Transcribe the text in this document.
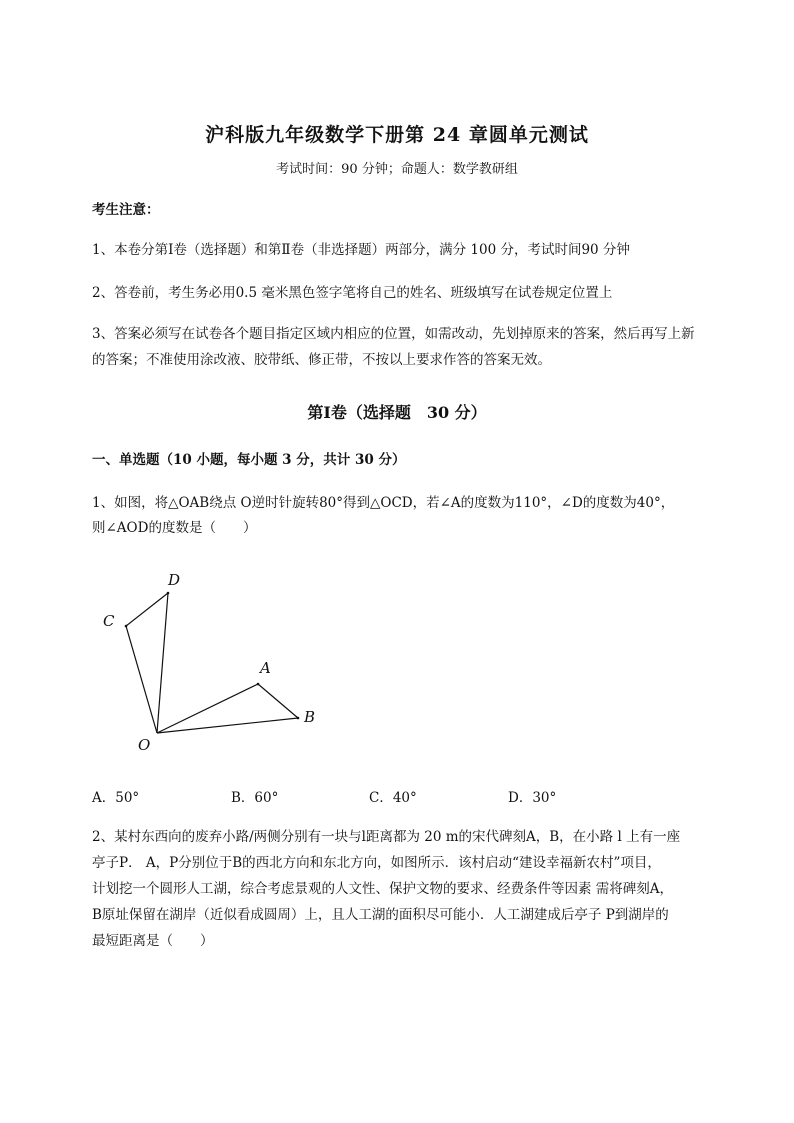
沪科版九年级数学下册第 24 章圆单元测试
考试时间：90 分钟；命题人：数学教研组
考生注意：
1、本卷分第Ⅰ卷（选择题）和第Ⅱ卷（非选择题）两部分，满分 100 分，考试时间90 分钟
2、答卷前，考生务必用0.5 毫米黑色签字笔将自己的姓名、班级填写在试卷规定位置上
3、答案必须写在试卷各个题目指定区域内相应的位置，如需改动，先划掉原来的答案，然后再写上新
的答案；不准使用涂改液、胶带纸、修正带，不按以上要求作答的答案无效。
第Ⅰ卷（选择题　30 分）
一、单选题（10 小题，每小题 3 分，共计 30 分）
1、如图，将△OAB绕点 O逆时针旋转80°得到△OCD，若∠A的度数为110°，∠D的度数为40°，
则∠AOD的度数是（　　）
D
C
A
B
O
A．50°	B．60°	C．40°	D．30°
2、某村东西向的废弃小路/两侧分别有一块与l距离都为 20 m的宋代碑刻A，B，在小路 l 上有一座
亭子P． A，P分别位于B的西北方向和东北方向，如图所示．该村启动“建设幸福新农村”项目，
计划挖一个圆形人工湖，综合考虑景观的人文性、保护文物的要求、经费条件等因素 需将碑刻A，
B原址保留在湖岸（近似看成圆周）上，且人工湖的面积尽可能小．人工湖建成后亭子 P到湖岸的
最短距离是（　　）
